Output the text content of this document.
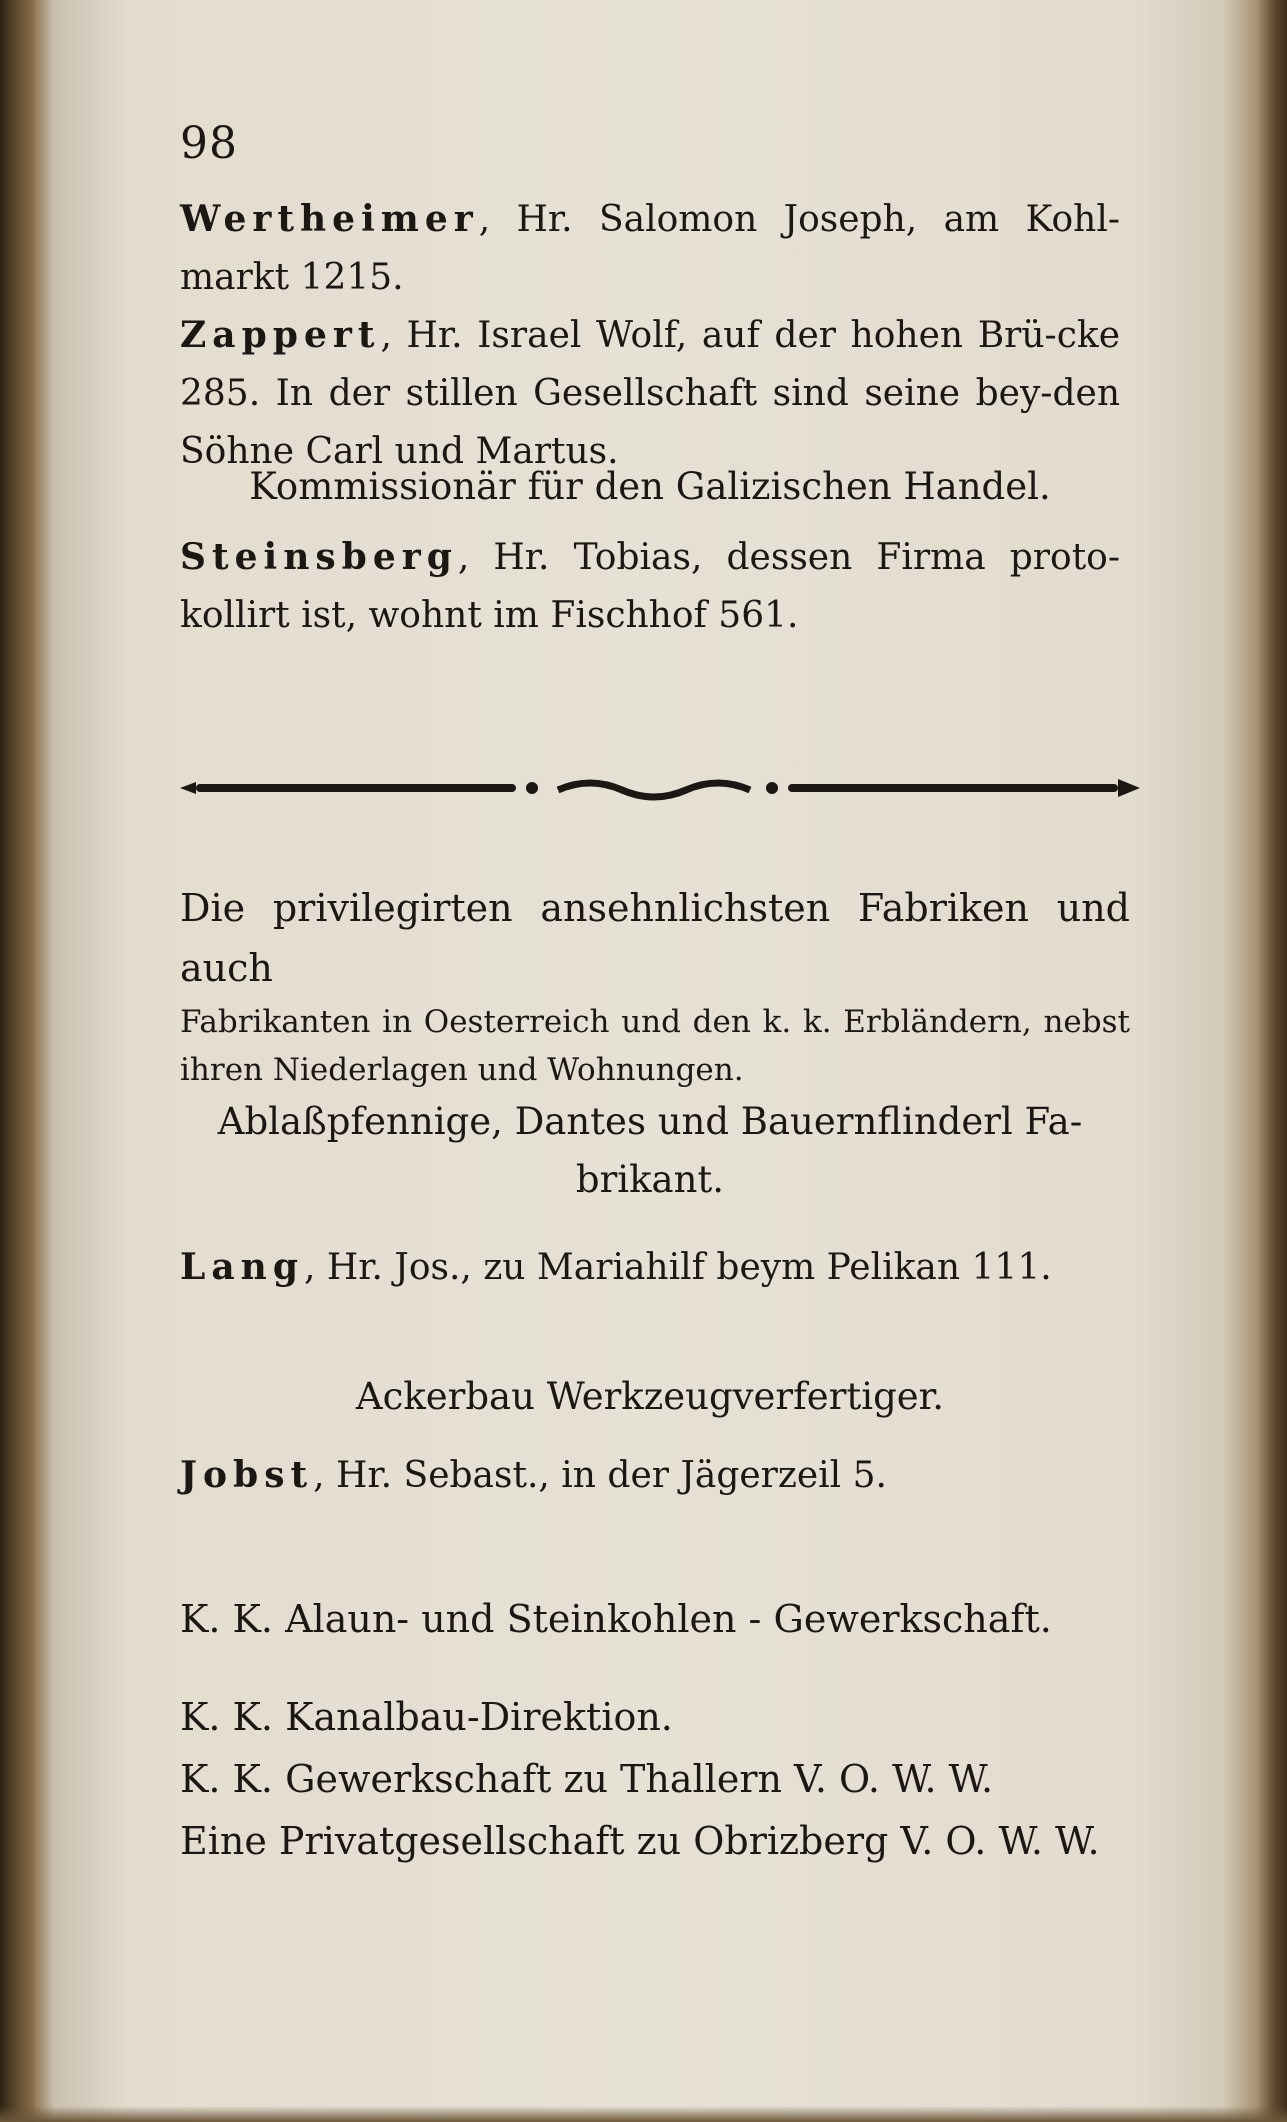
98
Wertheimer, Hr. Salomon Joseph, am Kohl-markt 1215.
Zappert, Hr. Israel Wolf, auf der hohen Brü-cke 285. In der stillen Gesellschaft sind seine bey-den Söhne Carl und Martus.
Kommissionär für den Galizischen Handel.
Steinsberg, Hr. Tobias, dessen Firma proto-kollirt ist, wohnt im Fischhof 561.
Die privilegirten ansehnlichsten Fabriken und auch
Fabrikanten in Oesterreich und den k. k. Erbländern, nebst ihren Niederlagen und Wohnungen.
Ablaßpfennige, Dantes und Bauernflinderl Fa-brikant.
Lang, Hr. Jos., zu Mariahilf beym Pelikan 111.
Ackerbau Werkzeugverfertiger.
Jobst, Hr. Sebast., in der Jägerzeil 5.
K. K. Alaun- und Steinkohlen - Gewerkschaft.
K. K. Kanalbau-Direktion.
K. K. Gewerkschaft zu Thallern V. O. W. W.
Eine Privatgesellschaft zu Obrizberg V. O. W. W.
